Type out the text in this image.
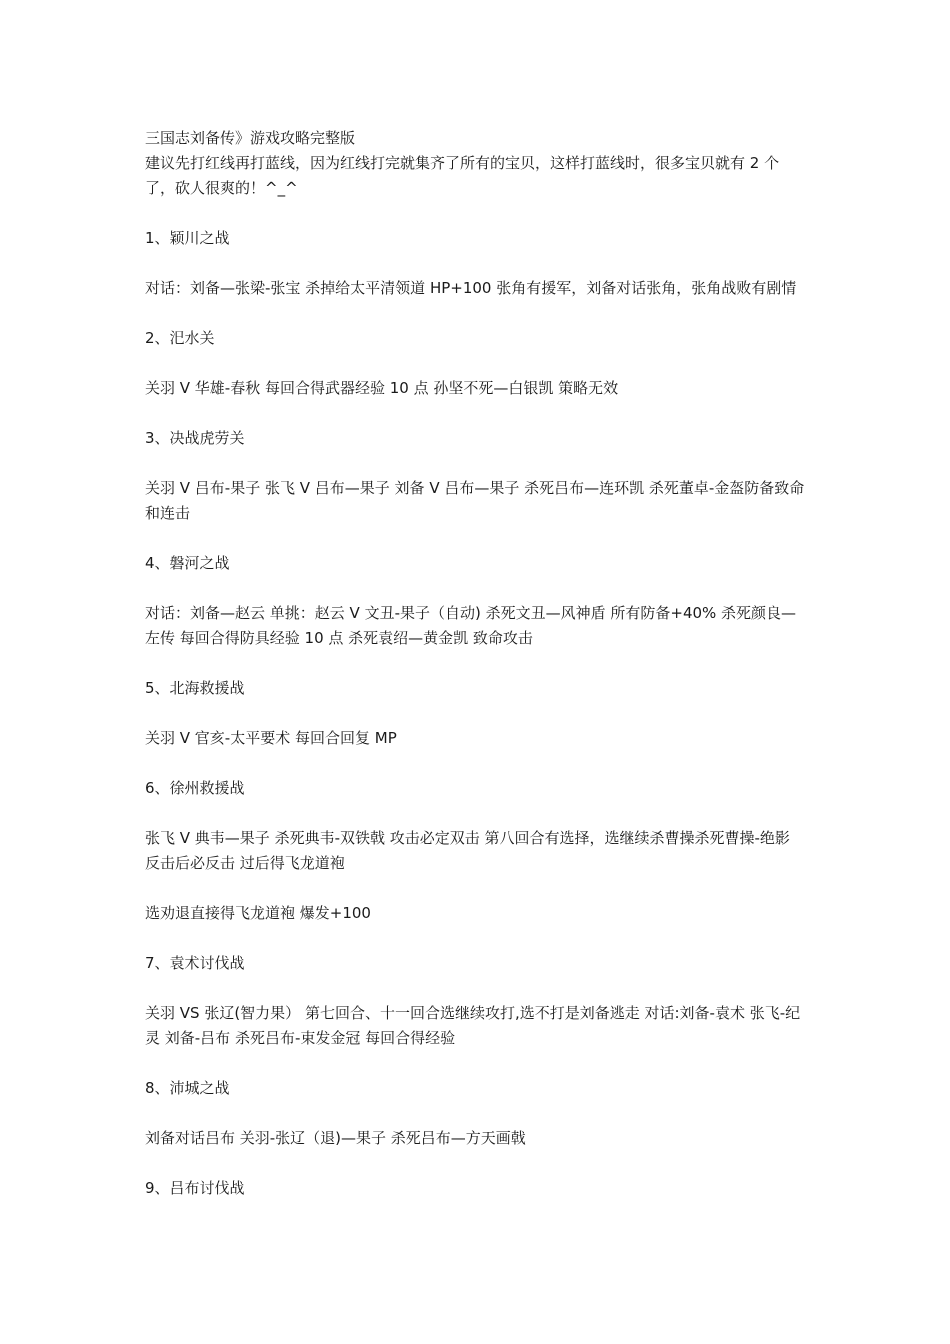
三国志刘备传》游戏攻略完整版

建议先打红线再打蓝线，因为红线打完就集齐了所有的宝贝，这样打蓝线时，很多宝贝就有 2 个了，砍人很爽的！^_^

1、颖川之战

对话：刘备—张梁-张宝 杀掉给太平清领道 HP+100 张角有援军，刘备对话张角，张角战败有剧情

2、汜水关

关羽 V 华雄-春秋 每回合得武器经验 10 点 孙坚不死—白银凯 策略无效

3、决战虎劳关

关羽 V 吕布-果子 张飞 V 吕布—果子 刘备 V 吕布—果子 杀死吕布—连环凯 杀死董卓-金盔防备致命和连击

4、磐河之战

对话：刘备—赵云 单挑：赵云 V 文丑-果子（自动) 杀死文丑—风神盾 所有防备+40% 杀死颜良—左传 每回合得防具经验 10 点 杀死袁绍—黄金凯 致命攻击

5、北海救援战

关羽 V 官亥-太平要术 每回合回复 MP

6、徐州救援战

张飞 V 典韦—果子 杀死典韦-双铁戟 攻击必定双击 第八回合有选择，选继续杀曹操杀死曹操-绝影 反击后必反击 过后得飞龙道袍

选劝退直接得飞龙道袍 爆发+100

7、袁术讨伐战

关羽 VS 张辽(智力果） 第七回合、十一回合选继续攻打,选不打是刘备逃走 对话:刘备-袁术 张飞-纪灵 刘备-吕布 杀死吕布-束发金冠 每回合得经验

8、沛城之战

刘备对话吕布 关羽-张辽（退)—果子 杀死吕布—方天画戟

9、吕布讨伐战
